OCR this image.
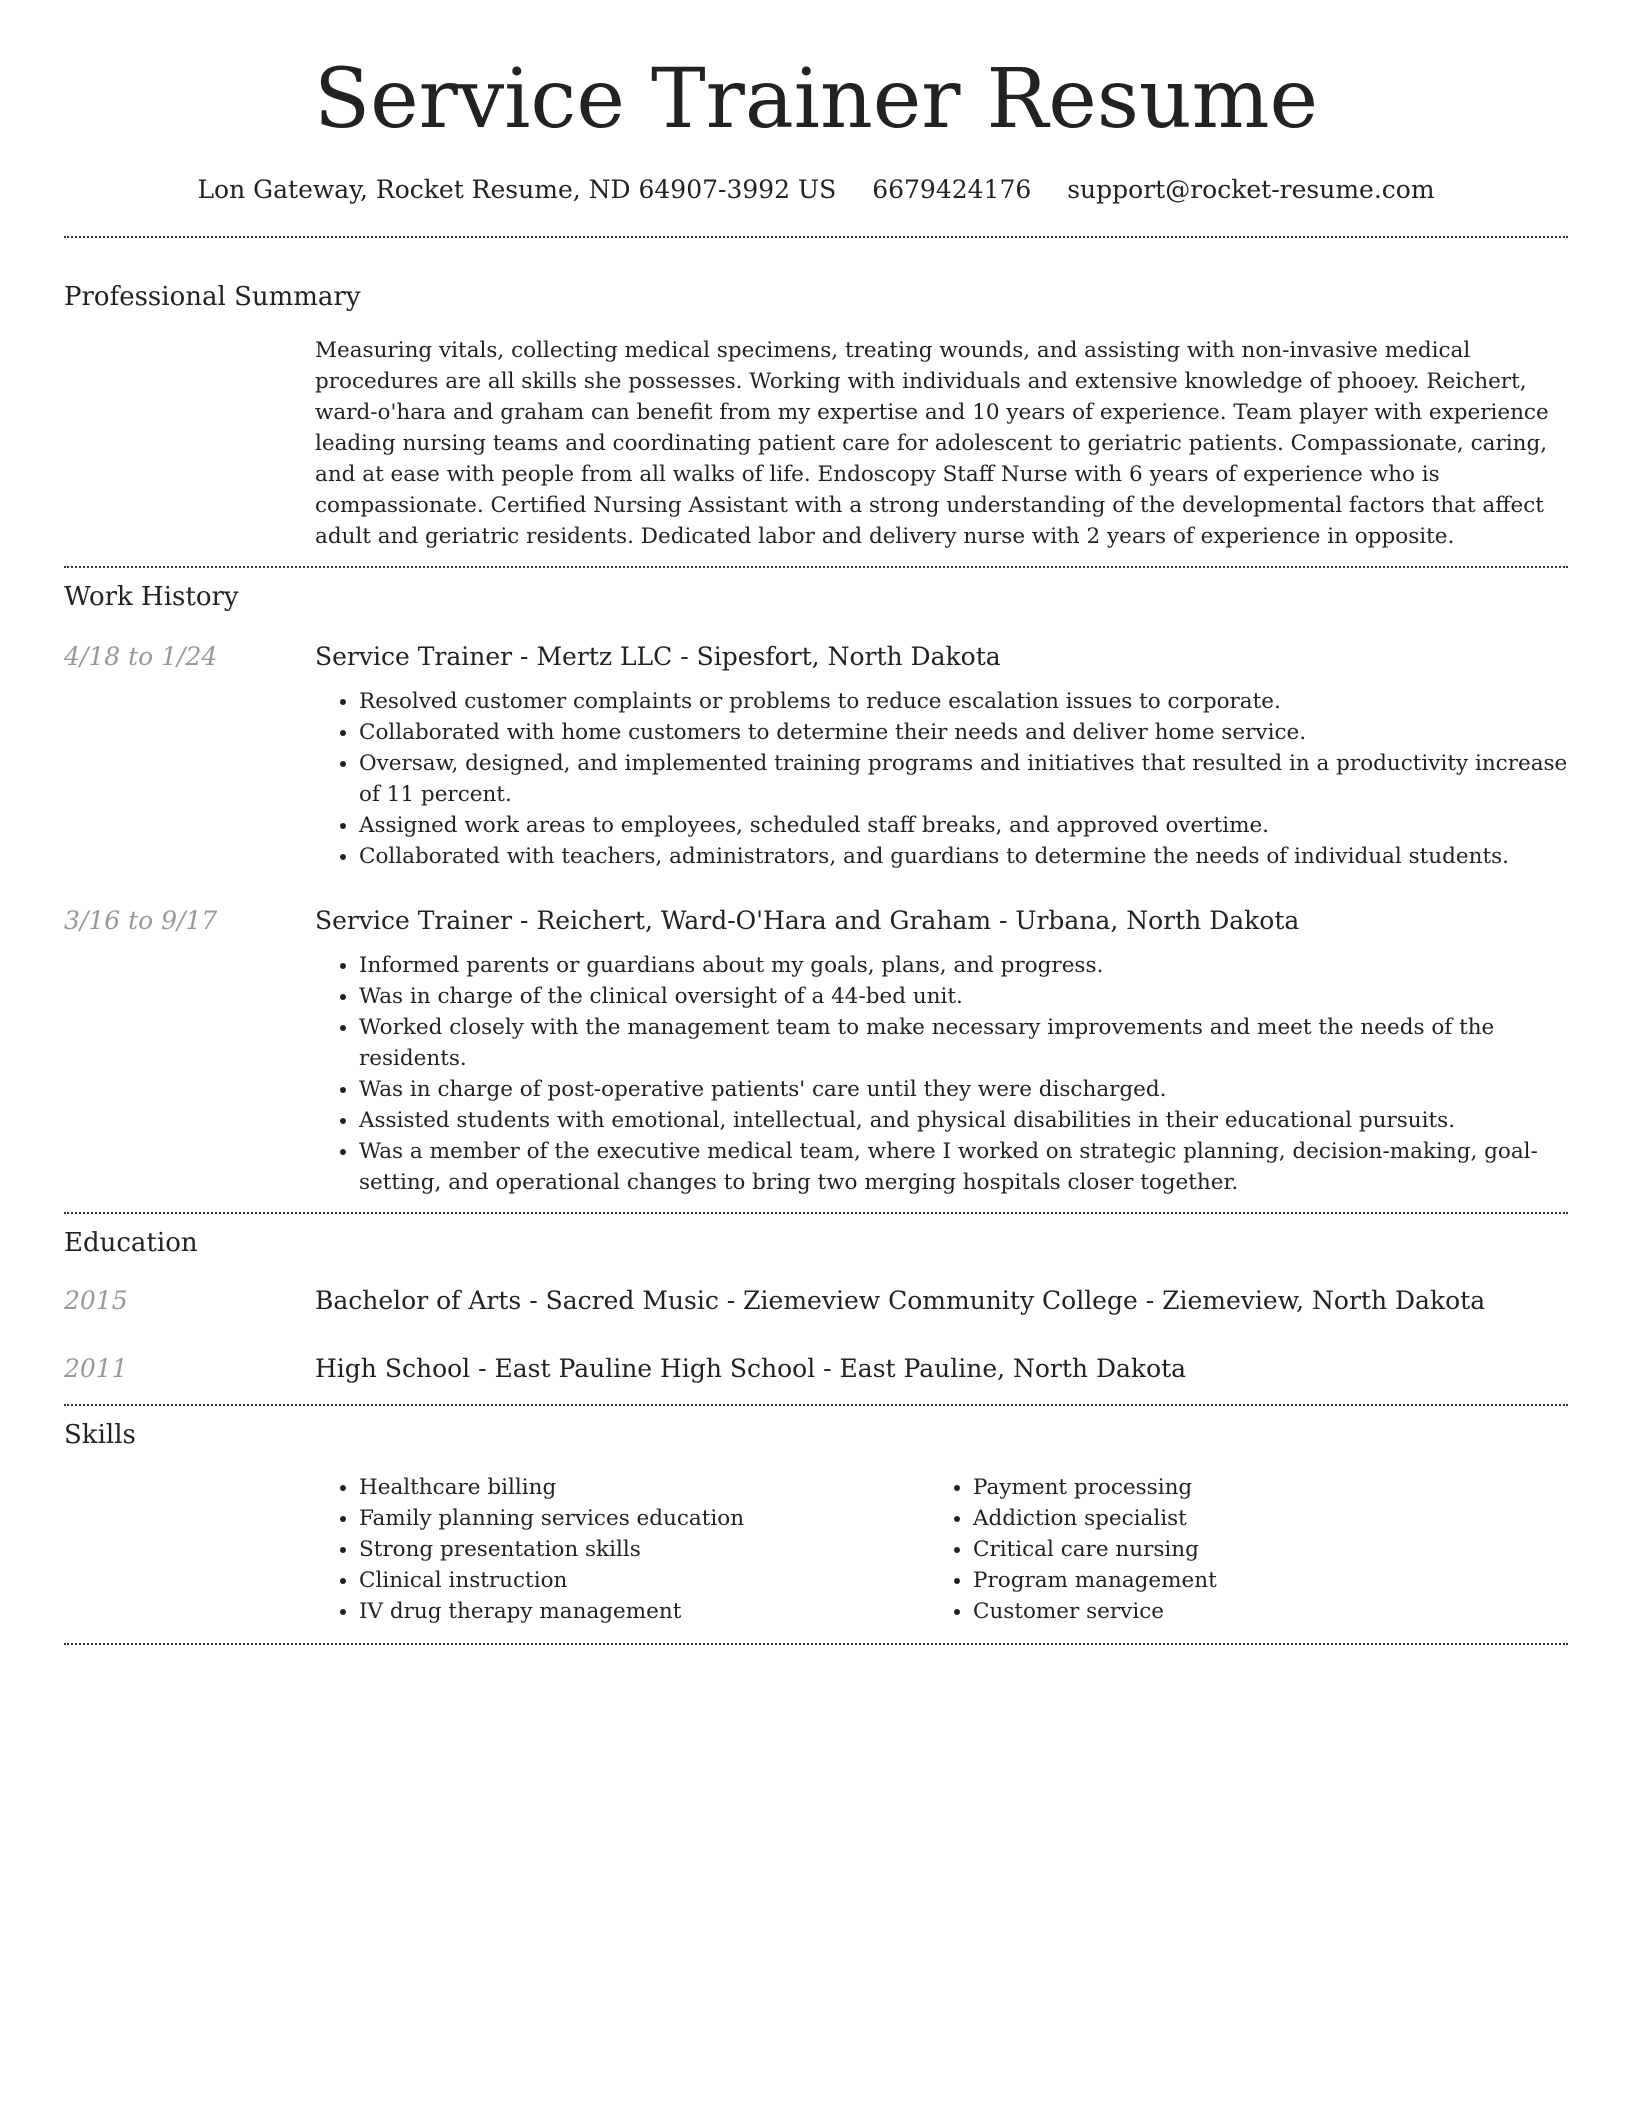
Service Trainer Resume
Lon Gateway, Rocket Resume, ND 64907-3992 US 6679424176 support@rocket-resume.com
Professional Summary

Measuring vitals, collecting medical specimens, treating wounds, and assisting with non-invasive medical procedures are all skills she possesses. Working with individuals and extensive knowledge of phooey. Reichert, ward-o'hara and graham can benefit from my expertise and 10 years of experience. Team player with experience leading nursing teams and coordinating patient care for adolescent to geriatric patients. Compassionate, caring, and at ease with people from all walks of life. Endoscopy Staff Nurse with 6 years of experience who is compassionate. Certified Nursing Assistant with a strong understanding of the developmental factors that affect adult and geriatric residents. Dedicated labor and delivery nurse with 2 years of experience in opposite.

Work History
4/18 to 1/24	Service Trainer - Mertz LLC - Sipesfort, North Dakota
• Resolved customer complaints or problems to reduce escalation issues to corporate.
• Collaborated with home customers to determine their needs and deliver home service.
• Oversaw, designed, and implemented training programs and initiatives that resulted in a productivity increase of 11 percent.
• Assigned work areas to employees, scheduled staff breaks, and approved overtime.
• Collaborated with teachers, administrators, and guardians to determine the needs of individual students.
3/16 to 9/17	Service Trainer - Reichert, Ward-O'Hara and Graham - Urbana, North Dakota
• Informed parents or guardians about my goals, plans, and progress.
• Was in charge of the clinical oversight of a 44-bed unit.
• Worked closely with the management team to make necessary improvements and meet the needs of the residents.
• Was in charge of post-operative patients' care until they were discharged.
• Assisted students with emotional, intellectual, and physical disabilities in their educational pursuits.
• Was a member of the executive medical team, where I worked on strategic planning, decision-making, goal-setting, and operational changes to bring two merging hospitals closer together.
Education
2015	Bachelor of Arts - Sacred Music - Ziemeview Community College - Ziemeview, North Dakota
2011	High School - East Pauline High School - East Pauline, North Dakota
Skills
• Healthcare billing
• Family planning services education
• Strong presentation skills
• Clinical instruction
• IV drug therapy management
• Payment processing
• Addiction specialist
• Critical care nursing
• Program management
• Customer service
